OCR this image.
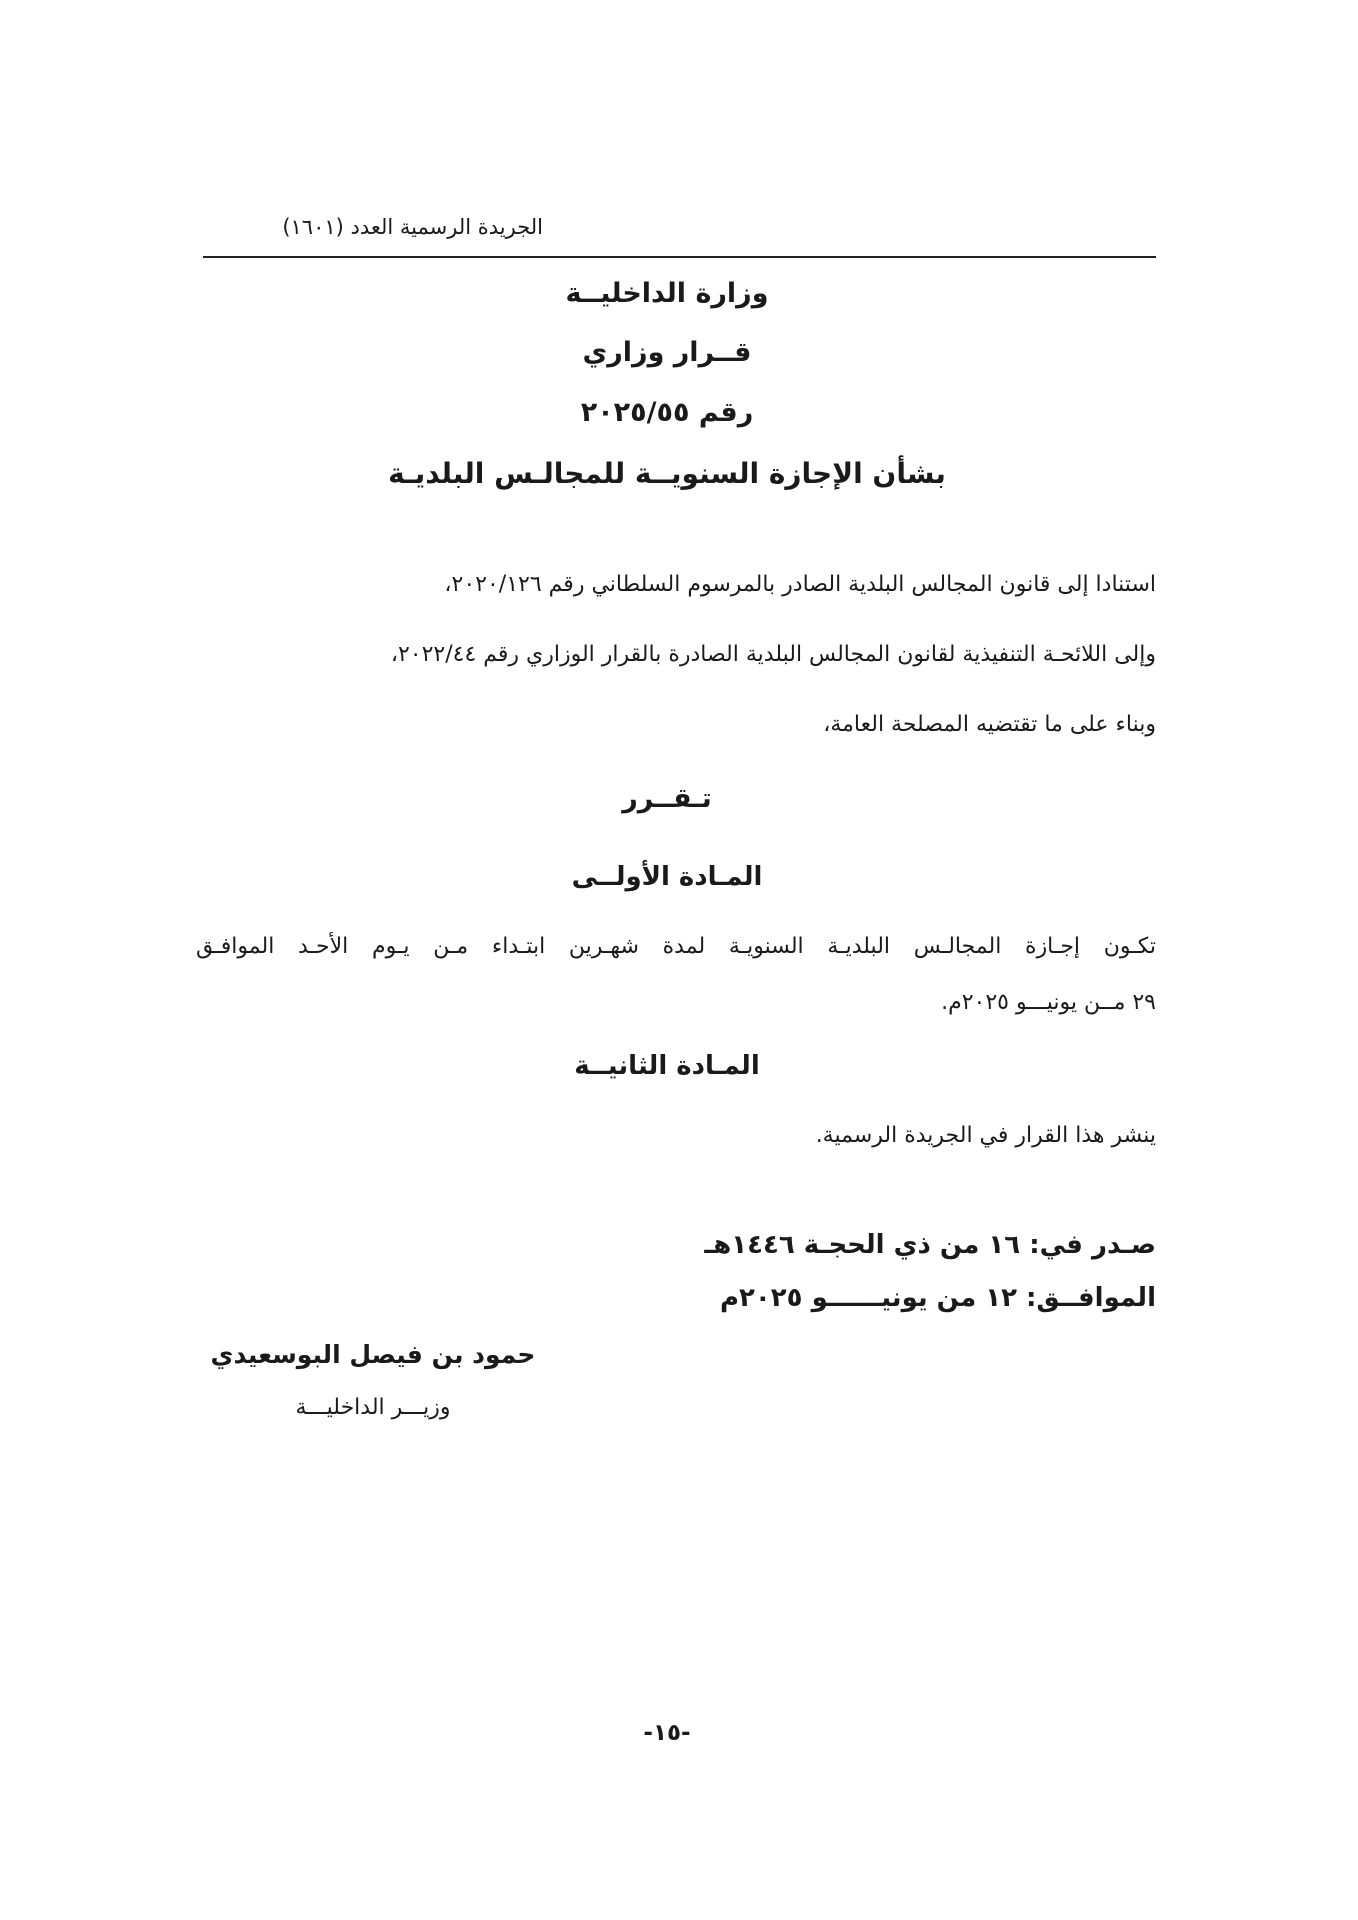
الجريدة الرسمية العدد (١٦٠١)
وزارة الداخليــة
قــرار وزاري
رقم ٢٠٢٥/٥٥
بشأن الإجازة السنويــة للمجالـس البلديـة
استنادا إلى قانون المجالس البلدية الصادر بالمرسوم السلطاني رقم ٢٠٢٠/١٢٦،
وإلى اللائحـة التنفيذية لقانون المجالس البلدية الصادرة بالقرار الوزاري رقم ٢٠٢٢/٤٤،
وبناء على ما تقتضيه المصلحة العامة،
تـقــرر
المـادة الأولــى
تكـون إجـازة المجالـس البلديـة السنويـة لمدة شهـرين ابتـداء مـن يـوم الأحـد الموافـق
٢٩ مــن يونيـــو ٢٠٢٥م.
المـادة الثانيــة
ينشر هذا القرار في الجريدة الرسمية.
صـدر في: ١٦ من ذي الحجـة ١٤٤٦هـ
الموافــق: ١٢ من يونيــــــو ٢٠٢٥م
حمود بن فيصل البوسعيدي
وزيـــر الداخليـــة
-١٥-
